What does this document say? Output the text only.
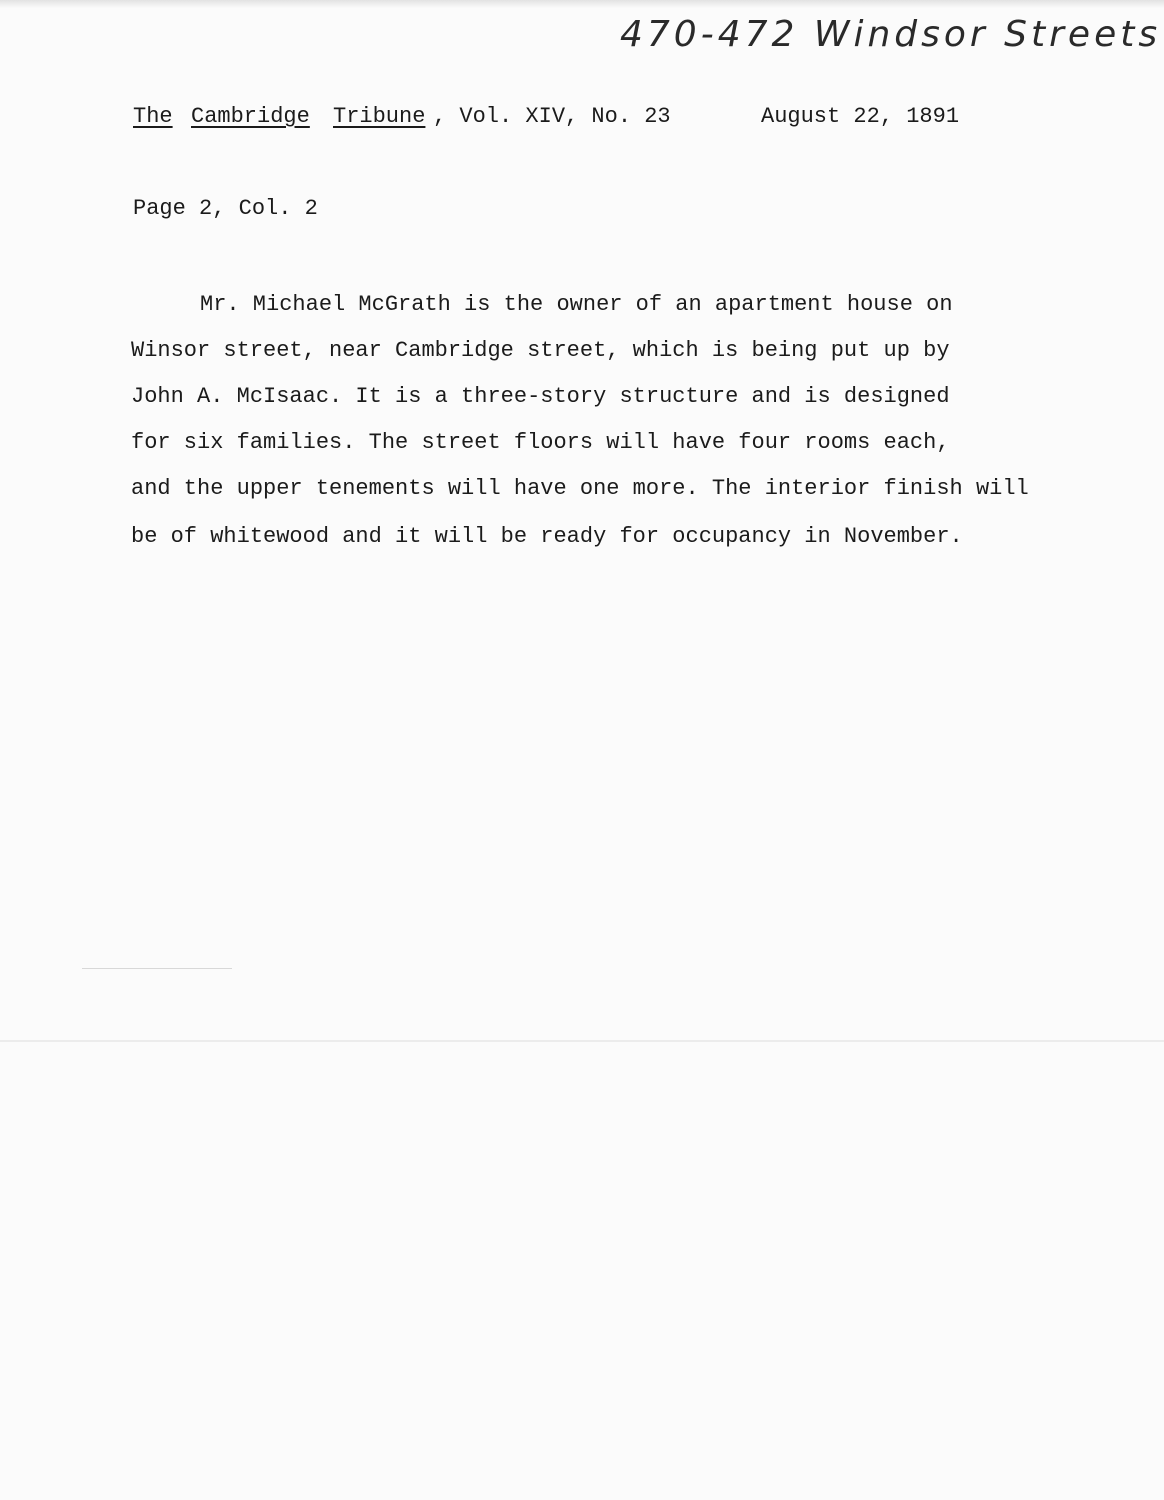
470-472 Windsor Streets
The Cambridge Tribune , Vol. XIV, No. 23	August 22, 1891
Page 2, Col. 2
Mr. Michael McGrath is the owner of an apartment house on
Winsor street, near Cambridge street, which is being put up by
John A. McIsaac. It is a three-story structure and is designed
for six families. The street floors will have four rooms each,
and the upper tenements will have one more. The interior finish will
be of whitewood and it will be ready for occupancy in November.
